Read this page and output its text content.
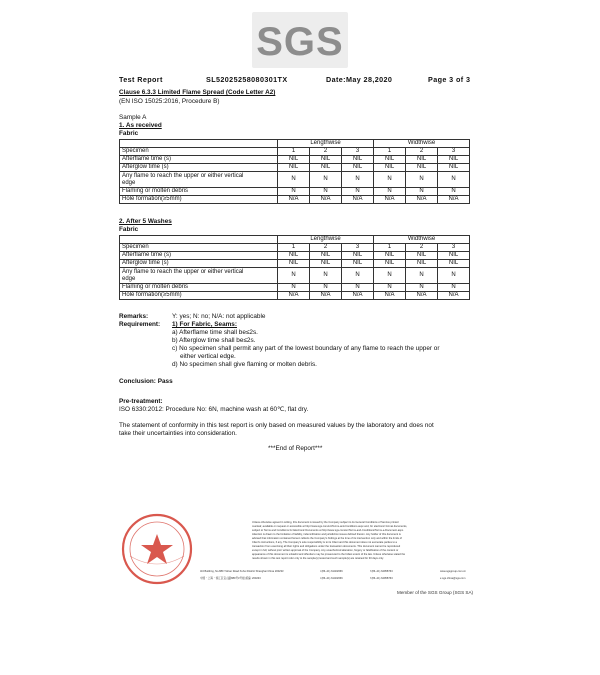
SGS
Test Report	SL52025258080301TX	Date:May 28,2020	Page 3 of 3
Clause 6.3.3 Limited Flame Spread (Code Letter A2)
(EN ISO 15025:2016, Procedure B)
Sample A
1. As received
Fabric
	Lengthwise			Widthwise		
Specimen	1	2	3	1	2	3
Afterflame time (s)	NIL	NIL	NIL	NIL	NIL	NIL
Afterglow time (s)	NIL	NIL	NIL	NIL	NIL	NIL
Any flame to reach the upper or either vertical
edge	N	N	N	N	N	N
Flaming or molten debris	N	N	N	N	N	N
Hole formation(≥5mm)	N/A	N/A	N/A	N/A	N/A	N/A
2. After 5 Washes
Fabric
	Lengthwise			Widthwise		
Specimen	1	2	3	1	2	3
Afterflame time (s)	NIL	NIL	NIL	NIL	NIL	NIL
Afterglow time (s)	NIL	NIL	NIL	NIL	NIL	NIL
Any flame to reach the upper or either vertical
edge	N	N	N	N	N	N
Flaming or molten debris	N	N	N	N	N	N
Hole formation(≥5mm)	N/A	N/A	N/A	N/A	N/A	N/A
Remarks:	Y: yes; N: no; N/A: not applicable
Requirement: 1) For Fabric, Seams:
a) Afterflame time shall be≤2s.
b) Afterglow time shall be≤2s.
c) No specimen shall permit any part of the lowest boundary of any flame to reach the upper or
either vertical edge.
d) No specimen shall give flaming or molten debris.
Conclusion: Pass
Pre-treatment:
ISO 6330:2012: Procedure No: 6N, machine wash at 60℃, flat dry.
The statement of conformity in this test report is only based on measured values by the laboratory and does not
take their uncertainties into consideration.
***End of Report***
Unless otherwise agreed in writing, this document is issued by the Company subject to its General Conditions of Service printed
overleaf, available on request or accessible at http://www.sgs.com/en/Terms-and-Conditions.aspx and, for electronic format documents,
subject to Terms and Conditions for Electronic Documents at http://www.sgs.com/en/Terms-and-Conditions/Terms-e-Document.aspx.
Attention is drawn to the limitation of liability, indemnification and jurisdiction issues defined therein. Any holder of this document is
advised that information contained hereon reflects the Company's findings at the time of its intervention only and within the limits of
Client's instructions, if any. The Company's sole responsibility is to its Client and this document does not exonerate parties to a
transaction from exercising all their rights and obligations under the transaction documents. This document cannot be reproduced
except in full, without prior written approval of the Company. Any unauthorized alteration, forgery or falsification of the content or
appearance of this document is unlawful and offenders may be prosecuted to the fullest extent of the law. Unless otherwise stated the
results shown in this test report refer only to the sample(s) tested and such sample(s) are retained for 30 days only.
3rd Building, No.889 Yishan Road Xuhui District Shanghai China 200233
中国・上海・徐汇区宜山路889号3号楼 邮编: 200233
t (86–21) 61402666
t (86–21) 61402666
f (86–21) 64958763
f (86–21) 64958763
www.sgsgroup.com.cn
e sgs.china@sgs.com
Member of the SGS Group (SGS SA)
